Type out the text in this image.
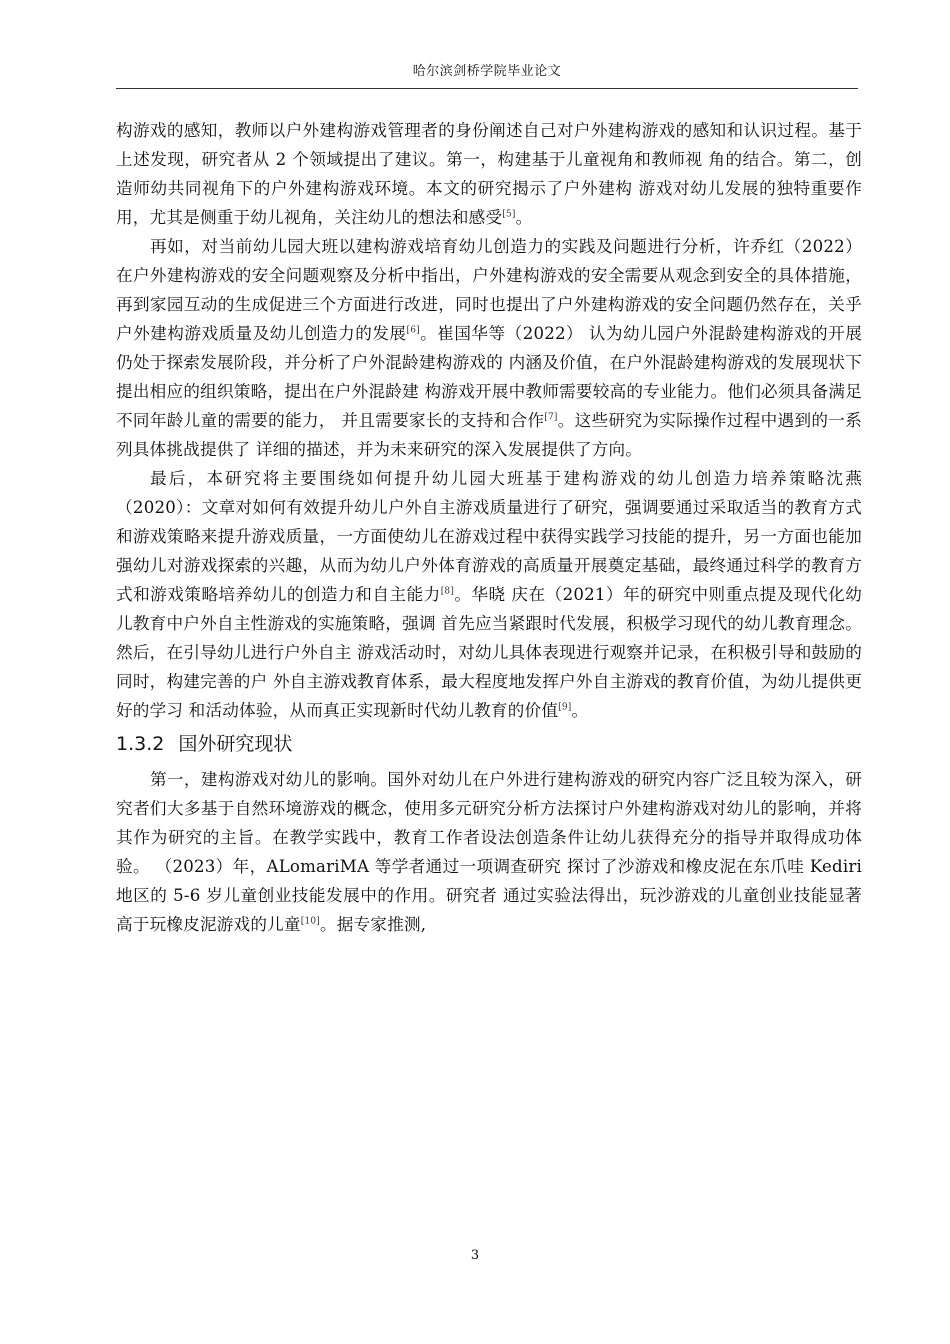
哈尔滨剑桥学院毕业论文

构游戏的感知，教师以户外建构游戏管理者的身份阐述自己对户外建构游戏的感知和认识过程。基于上述发现，研究者从 2 个领域提出了建议。第一，构建基于儿童视角和教师视 角的结合。第二，创造师幼共同视角下的户外建构游戏环境。本文的研究揭示了户外建构 游戏对幼儿发展的独特重要作用，尤其是侧重于幼儿视角，关注幼儿的想法和感受[5]。

再如，对当前幼儿园大班以建构游戏培育幼儿创造力的实践及问题进行分析，许乔红（2022）在户外建构游戏的安全问题观察及分析中指出，户外建构游戏的安全需要从观念到安全的具体措施，再到家园互动的生成促进三个方面进行改进，同时也提出了户外建构游戏的安全问题仍然存在，关乎户外建构游戏质量及幼儿创造力的发展[6]。崔国华等（2022） 认为幼儿园户外混龄建构游戏的开展仍处于探索发展阶段，并分析了户外混龄建构游戏的 内涵及价值，在户外混龄建构游戏的发展现状下提出相应的组织策略，提出在户外混龄建 构游戏开展中教师需要较高的专业能力。他们必须具备满足不同年龄儿童的需要的能力， 并且需要家长的支持和合作[7]。这些研究为实际操作过程中遇到的一系列具体挑战提供了 详细的描述，并为未来研究的深入发展提供了方向。

最后，本研究将主要围绕如何提升幼儿园大班基于建构游戏的幼儿创造力培养策略沈燕（2020）：文章对如何有效提升幼儿户外自主游戏质量进行了研究，强调要通过采取适当的教育方式和游戏策略来提升游戏质量，一方面使幼儿在游戏过程中获得实践学习技能的提升，另一方面也能加强幼儿对游戏探索的兴趣，从而为幼儿户外体育游戏的高质量开展奠定基础，最终通过科学的教育方式和游戏策略培养幼儿的创造力和自主能力[8]。华晓 庆在（2021）年的研究中则重点提及现代化幼儿教育中户外自主性游戏的实施策略，强调 首先应当紧跟时代发展，积极学习现代的幼儿教育理念。然后，在引导幼儿进行户外自主 游戏活动时，对幼儿具体表现进行观察并记录，在积极引导和鼓励的同时，构建完善的户 外自主游戏教育体系，最大程度地发挥户外自主游戏的教育价值，为幼儿提供更好的学习 和活动体验，从而真正实现新时代幼儿教育的价值[9]。

1.3.2 国外研究现状

第一，建构游戏对幼儿的影响。国外对幼儿在户外进行建构游戏的研究内容广泛且较为深入，研究者们大多基于自然环境游戏的概念，使用多元研究分析方法探讨户外建构游戏对幼儿的影响，并将其作为研究的主旨。在教学实践中，教育工作者设法创造条件让幼儿获得充分的指导并取得成功体验。 （2023）年，ALomariMA 等学者通过一项调查研究 探讨了沙游戏和橡皮泥在东爪哇 Kediri 地区的 5-6 岁儿童创业技能发展中的作用。研究者 通过实验法得出，玩沙游戏的儿童创业技能显著高于玩橡皮泥游戏的儿童[10]。据专家推测,

3
